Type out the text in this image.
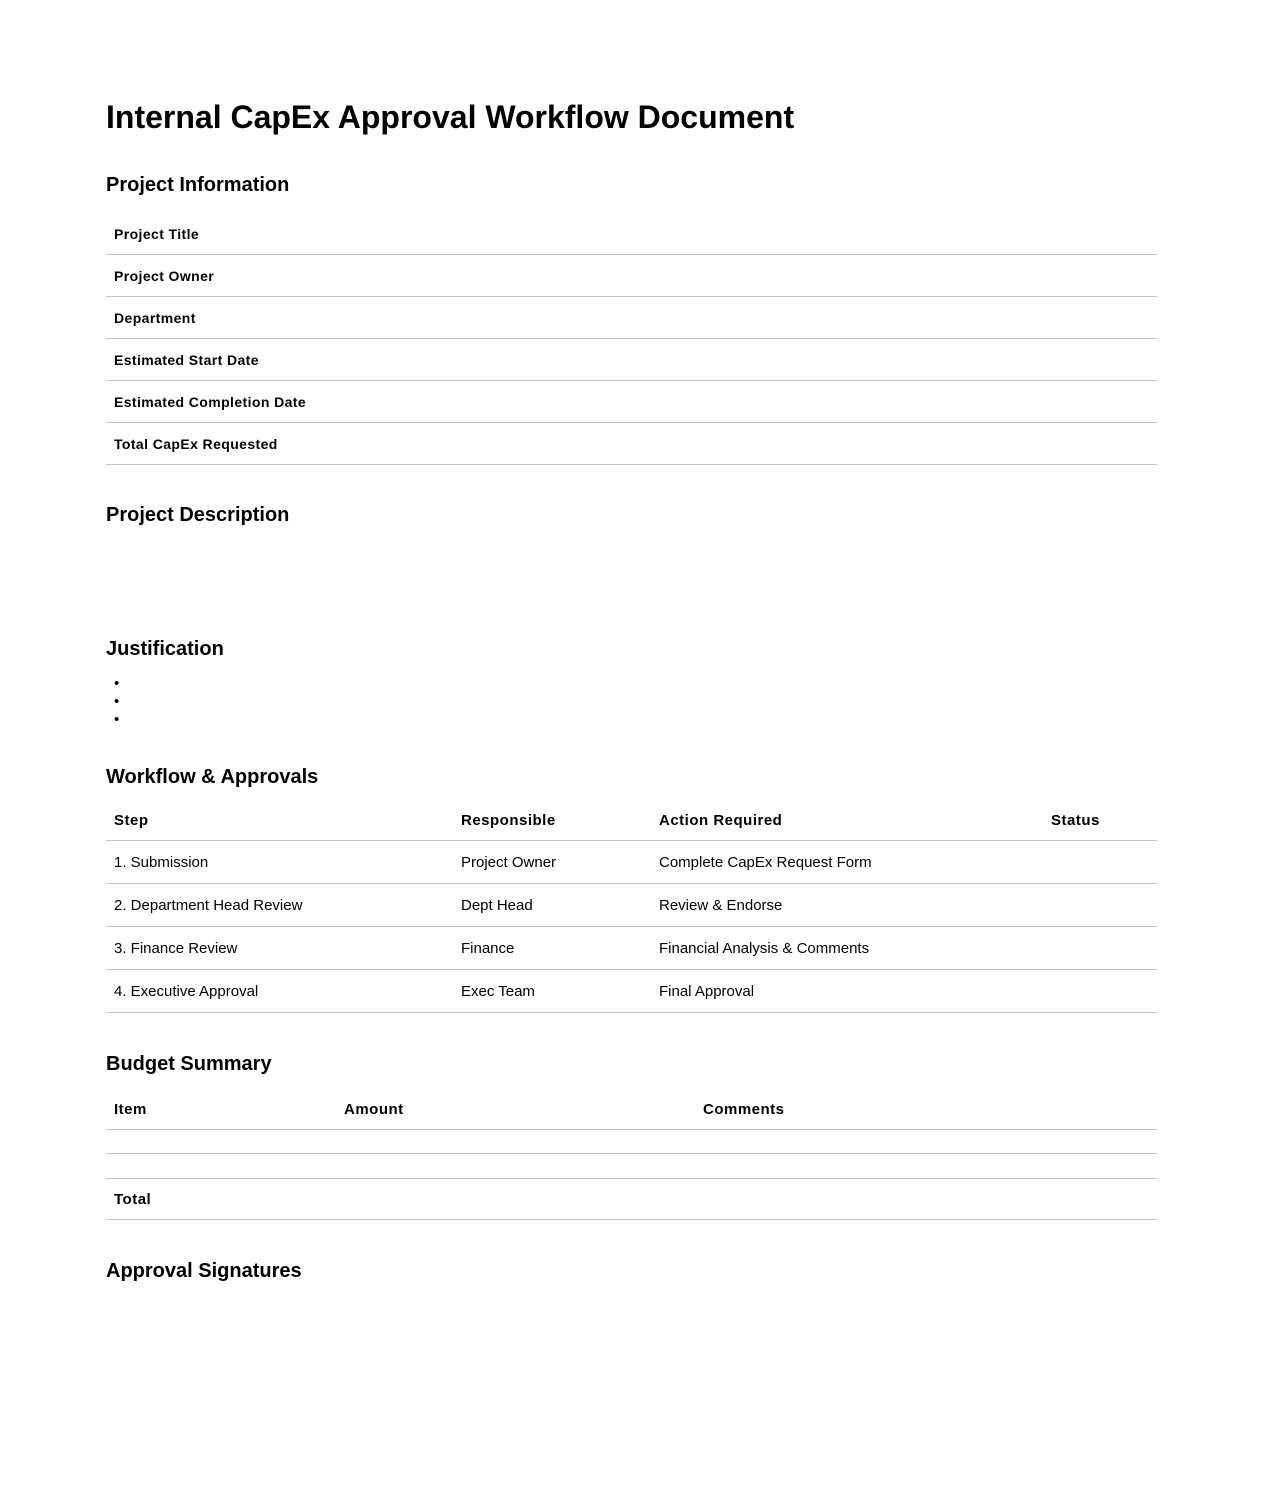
Internal CapEx Approval Workflow Document
Project Information
Project Title
Project Owner
Department
Estimated Start Date
Estimated Completion Date
Total CapEx Requested
Project Description
Justification
•
•
•
Workflow & Approvals
Step	Responsible	Action Required	Status
1. Submission	Project Owner	Complete CapEx Request Form
2. Department Head Review	Dept Head	Review & Endorse
3. Finance Review	Finance	Financial Analysis & Comments
4. Executive Approval	Exec Team	Final Approval
Budget Summary
Item	Amount	Comments
Total
Approval Signatures
